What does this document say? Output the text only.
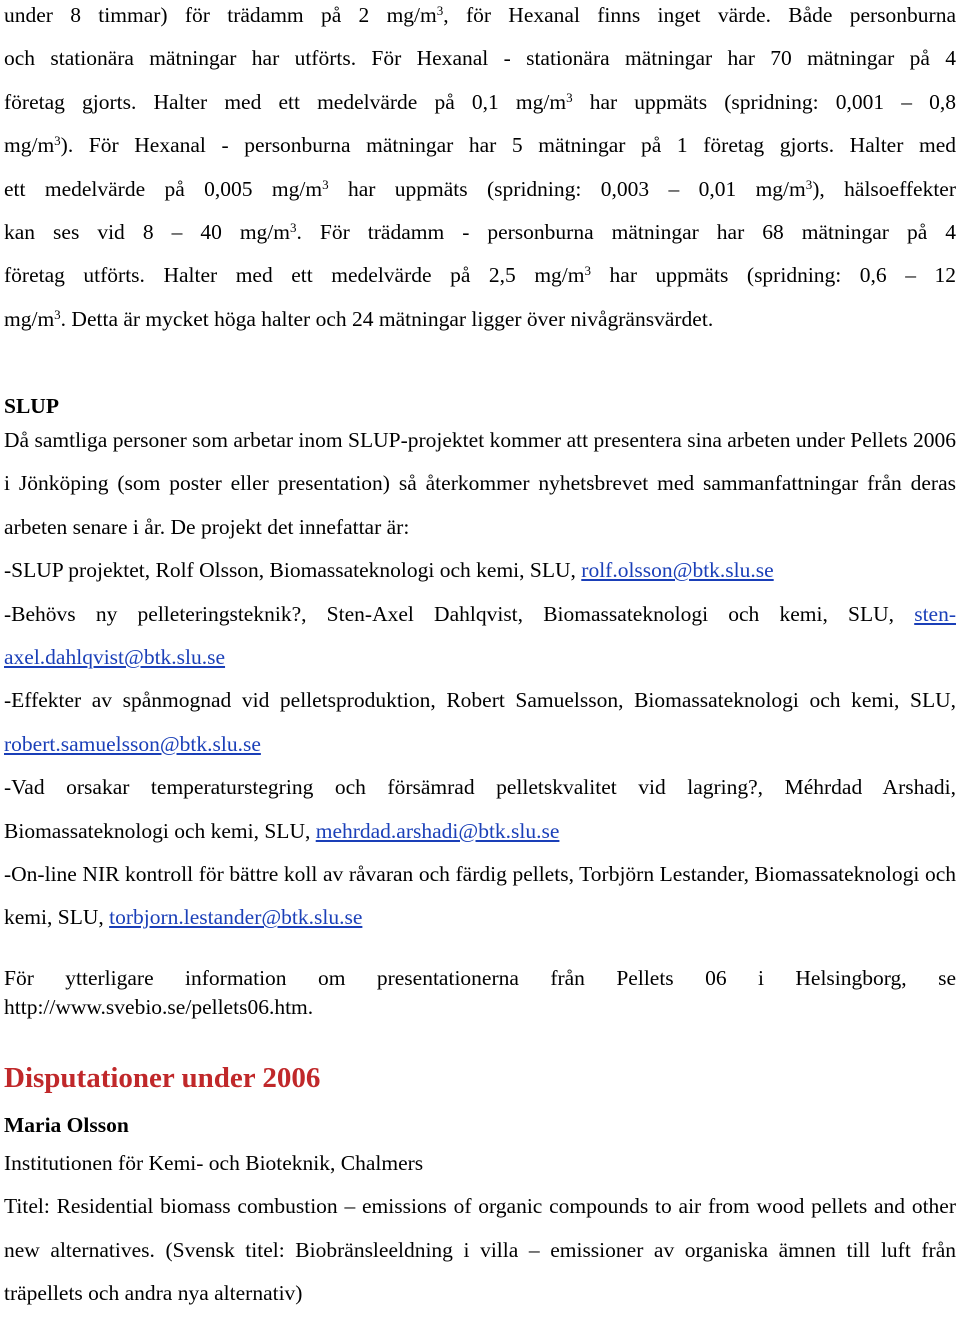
under 8 timmar) för trädamm på 2 $mg/m^3$, för Hexanal finns inget värde. Både personburna

och stationära mätningar har utförts. För Hexanal - stationära mätningar har 70 mätningar på 4

företag gjorts. Halter med ett medelvärde på 0,1 $mg/m^3$ har uppmäts (spridning: 0,001 – 0,8

$mg/m^3$). För Hexanal - personburna mätningar har 5 mätningar på 1 företag gjorts. Halter med

ett medelvärde på 0,005 $mg/m^3$ har uppmäts (spridning: 0,003 – 0,01 $mg/m^3$), hälsoeffekter

kan ses vid 8 – 40 $mg/m^3$. För trädamm - personburna mätningar har 68 mätningar på 4

företag utförts. Halter med ett medelvärde på 2,5 $mg/m^3$ har uppmäts (spridning: 0,6 – 12

$mg/m^3$. Detta är mycket höga halter och 24 mätningar ligger över nivågränsvärdet.

SLUP

Då samtliga personer som arbetar inom SLUP-projektet kommer att presentera sina arbeten under Pellets 2006 i Jönköping (som poster eller presentation) så återkommer nyhetsbrevet med sammanfattningar från deras arbeten senare i år. De projekt det innefattar är:

-SLUP projektet, Rolf Olsson, Biomassateknologi och kemi, SLU, rolf.olsson@btk.slu.se

-Behövs ny pelleteringsteknik?, Sten-Axel Dahlqvist, Biomassateknologi och kemi, SLU, sten-axel.dahlqvist@btk.slu.se

-Effekter av spånmognad vid pelletsproduktion, Robert Samuelsson, Biomassateknologi och kemi, SLU, robert.samuelsson@btk.slu.se

-Vad orsakar temperaturstegring och försämrad pelletskvalitet vid lagring?, Méhrdad Arshadi, Biomassateknologi och kemi, SLU, mehrdad.arshadi@btk.slu.se

-On-line NIR kontroll för bättre koll av råvaran och färdig pellets, Torbjörn Lestander, Biomassateknologi och kemi, SLU, torbjorn.lestander@btk.slu.se

För ytterligare information om presentationerna från Pellets 06 i Helsingborg, se

http://www.svebio.se/pellets06.htm.

Disputationer under 2006

Maria Olsson

Institutionen för Kemi- och Bioteknik, Chalmers

Titel: Residential biomass combustion – emissions of organic compounds to air from wood pellets and other new alternatives. (Svensk titel: Biobränsleeldning i villa – emissioner av organiska ämnen till luft från träpellets och andra nya alternativ)
